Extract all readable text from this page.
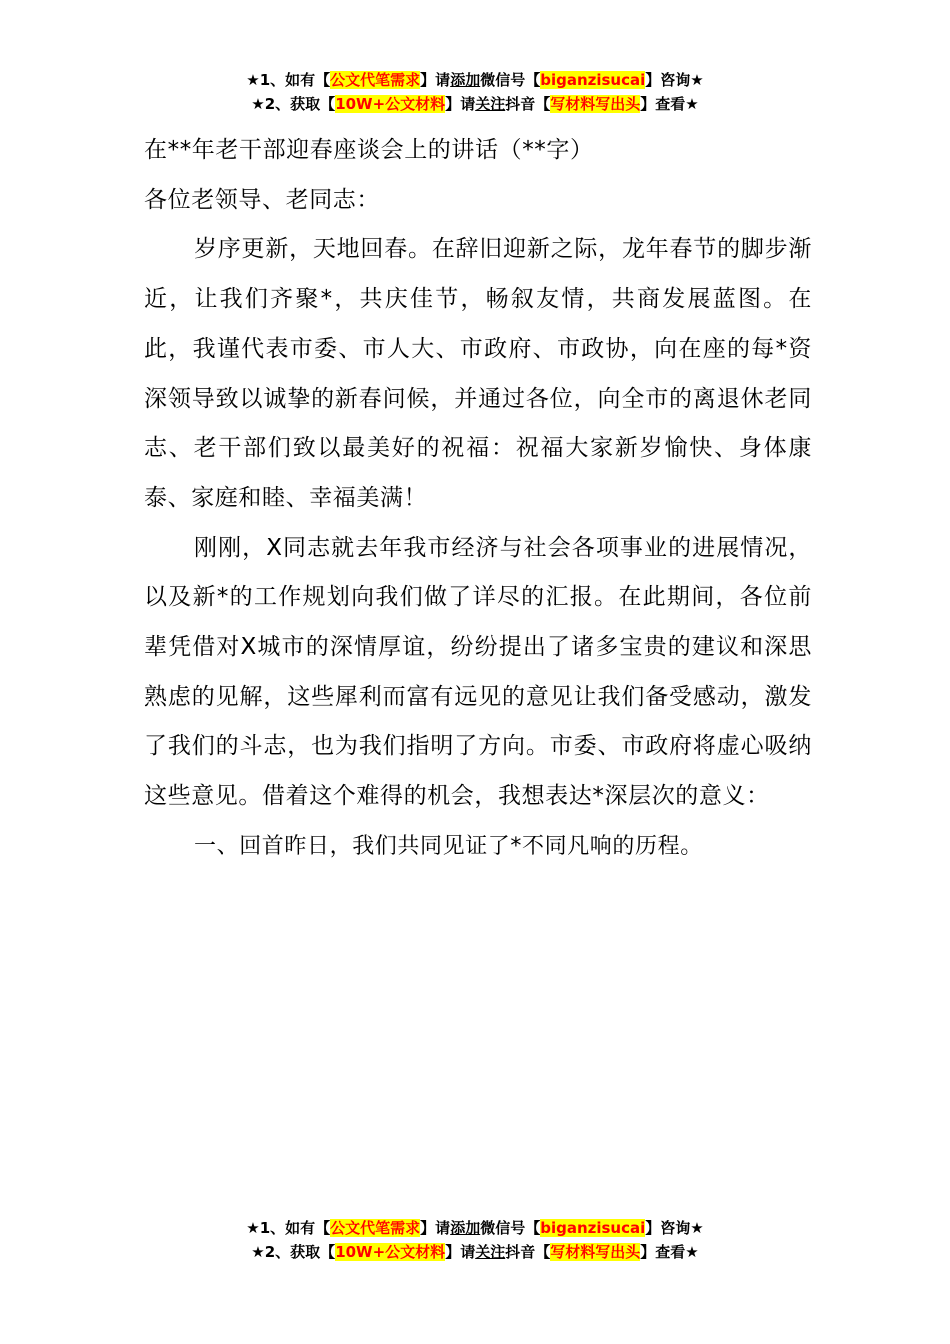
★1、如有【公文代笔需求】请添加微信号【biganzisucai】咨询★
★2、获取【10W+公文材料】请关注抖音【写材料写出头】查看★

在**年老干部迎春座谈会上的讲话（**字）

各位老领导、老同志：

岁序更新，天地回春。在辞旧迎新之际，龙年春节的脚步渐近，让我们齐聚*，共庆佳节，畅叙友情，共商发展蓝图。在此，我谨代表市委、市人大、市政府、市政协，向在座的每*资深领导致以诚挚的新春问候，并通过各位，向全市的离退休老同志、老干部们致以最美好的祝福：祝福大家新岁愉快、身体康泰、家庭和睦、幸福美满！

刚刚，X同志就去年我市经济与社会各项事业的进展情况，以及新*的工作规划向我们做了详尽的汇报。在此期间，各位前辈凭借对X城市的深情厚谊，纷纷提出了诸多宝贵的建议和深思熟虑的见解，这些犀利而富有远见的意见让我们备受感动，激发了我们的斗志，也为我们指明了方向。市委、市政府将虚心吸纳这些意见。借着这个难得的机会，我想表达*深层次的意义：

一、回首昨日，我们共同见证了*不同凡响的历程。

★1、如有【公文代笔需求】请添加微信号【biganzisucai】咨询★
★2、获取【10W+公文材料】请关注抖音【写材料写出头】查看★
